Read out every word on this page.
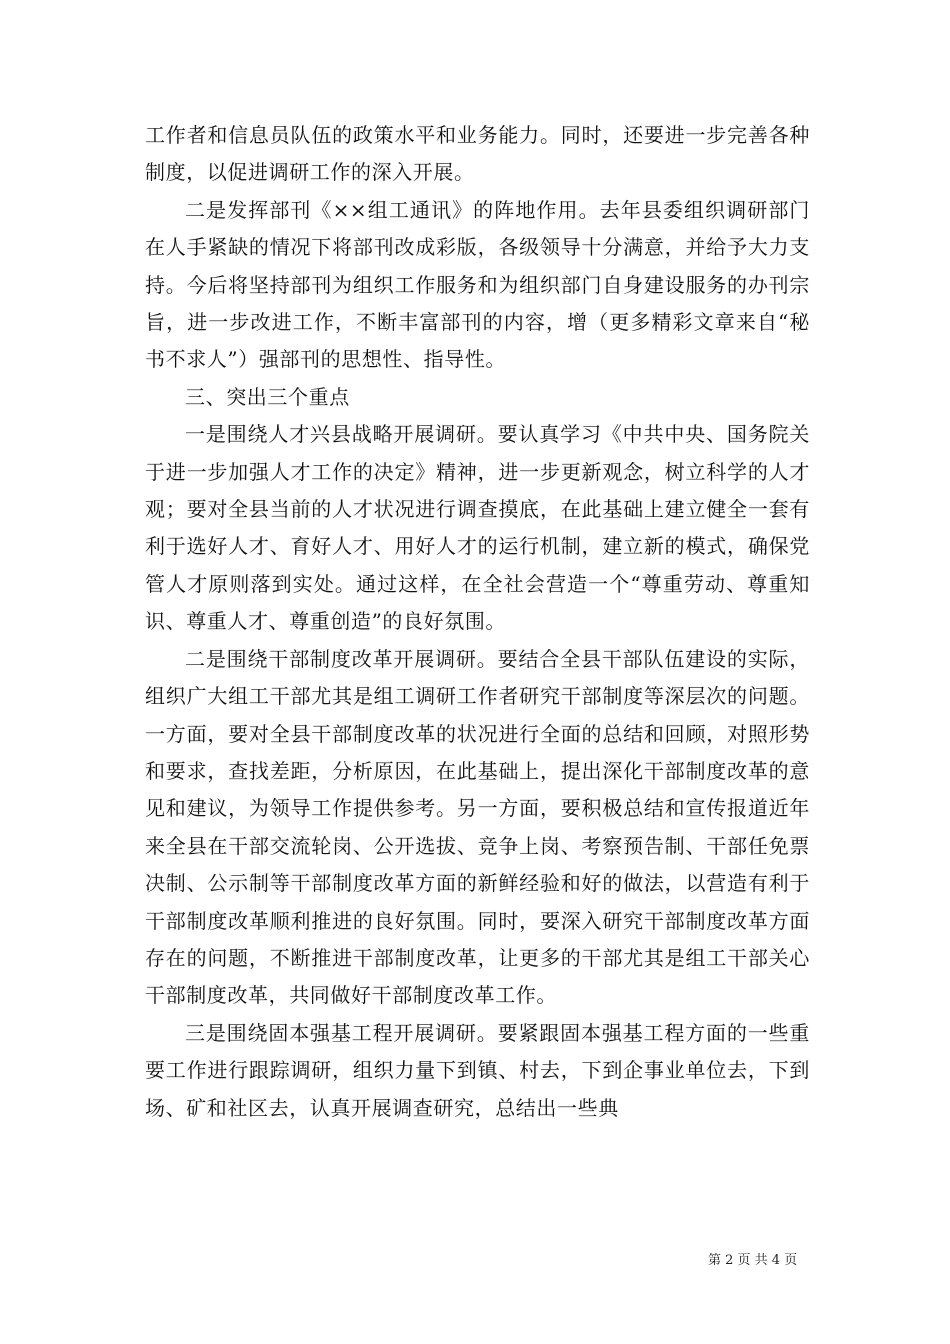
工作者和信息员队伍的政策水平和业务能力。同时，还要进一步完善各种制度，以促进调研工作的深入开展。

二是发挥部刊《××组工通讯》的阵地作用。去年县委组织调研部门在人手紧缺的情况下将部刊改成彩版，各级领导十分满意，并给予大力支持。今后将坚持部刊为组织工作服务和为组织部门自身建设服务的办刊宗旨，进一步改进工作，不断丰富部刊的内容，增（更多精彩文章来自“秘书不求人”）强部刊的思想性、指导性。

三、突出三个重点

一是围绕人才兴县战略开展调研。要认真学习《中共中央、国务院关于进一步加强人才工作的决定》精神，进一步更新观念，树立科学的人才观；要对全县当前的人才状况进行调查摸底，在此基础上建立健全一套有利于选好人才、育好人才、用好人才的运行机制，建立新的模式，确保党管人才原则落到实处。通过这样，在全社会营造一个“尊重劳动、尊重知识、尊重人才、尊重创造”的良好氛围。

二是围绕干部制度改革开展调研。要结合全县干部队伍建设的实际，组织广大组工干部尤其是组工调研工作者研究干部制度等深层次的问题。一方面，要对全县干部制度改革的状况进行全面的总结和回顾，对照形势和要求，查找差距，分析原因，在此基础上，提出深化干部制度改革的意见和建议，为领导工作提供参考。另一方面，要积极总结和宣传报道近年来全县在干部交流轮岗、公开选拔、竞争上岗、考察预告制、干部任免票决制、公示制等干部制度改革方面的新鲜经验和好的做法，以营造有利于干部制度改革顺利推进的良好氛围。同时，要深入研究干部制度改革方面存在的问题，不断推进干部制度改革，让更多的干部尤其是组工干部关心干部制度改革，共同做好干部制度改革工作。

三是围绕固本强基工程开展调研。要紧跟固本强基工程方面的一些重要工作进行跟踪调研，组织力量下到镇、村去，下到企事业单位去，下到场、矿和社区去，认真开展调查研究，总结出一些典

第 2 页 共 4 页
